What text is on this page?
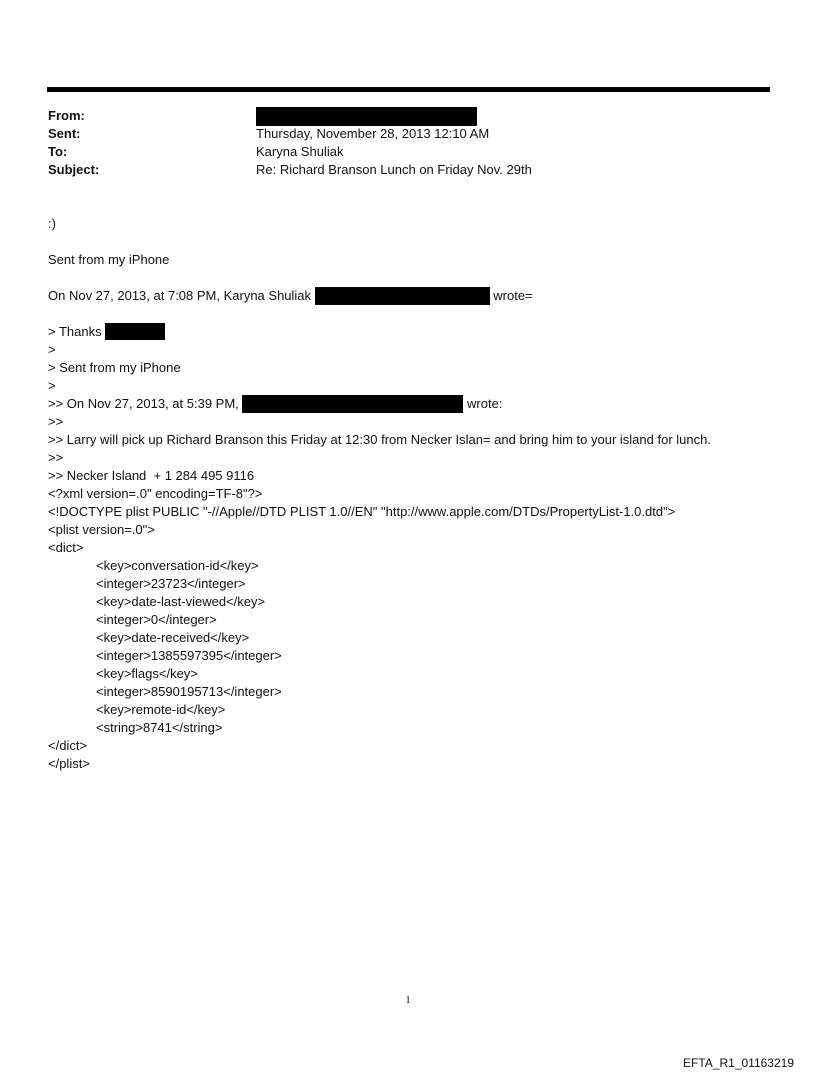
From:
Sent:	Thursday, November 28, 2013 12:10 AM
To:	Karyna Shuliak
Subject:	Re: Richard Branson Lunch on Friday Nov. 29th
:)
Sent from my iPhone
On Nov 27, 2013, at 7:08 PM, Karyna Shuliak	wrote=
> Thanks
>
> Sent from my iPhone
>
>> On Nov 27, 2013, at 5:39 PM,	wrote:
>>
>> Larry will pick up Richard Branson this Friday at 12:30 from Necker Islan= and bring him to your island for lunch.
>>
>> Necker Island  + 1 284 495 9116
<?xml version=.0" encoding=TF-8"?>
<!DOCTYPE plist PUBLIC "-//Apple//DTD PLIST 1.0//EN" "http://www.apple.com/DTDs/PropertyList-1.0.dtd">
<plist version=.0">
<dict>
<key>conversation-id</key>
<integer>23723</integer>
<key>date-last-viewed</key>
<integer>0</integer>
<key>date-received</key>
<integer>1385597395</integer>
<key>flags</key>
<integer>8590195713</integer>
<key>remote-id</key>
<string>8741</string>
</dict>
</plist>
1
EFTA_R1_01163219
